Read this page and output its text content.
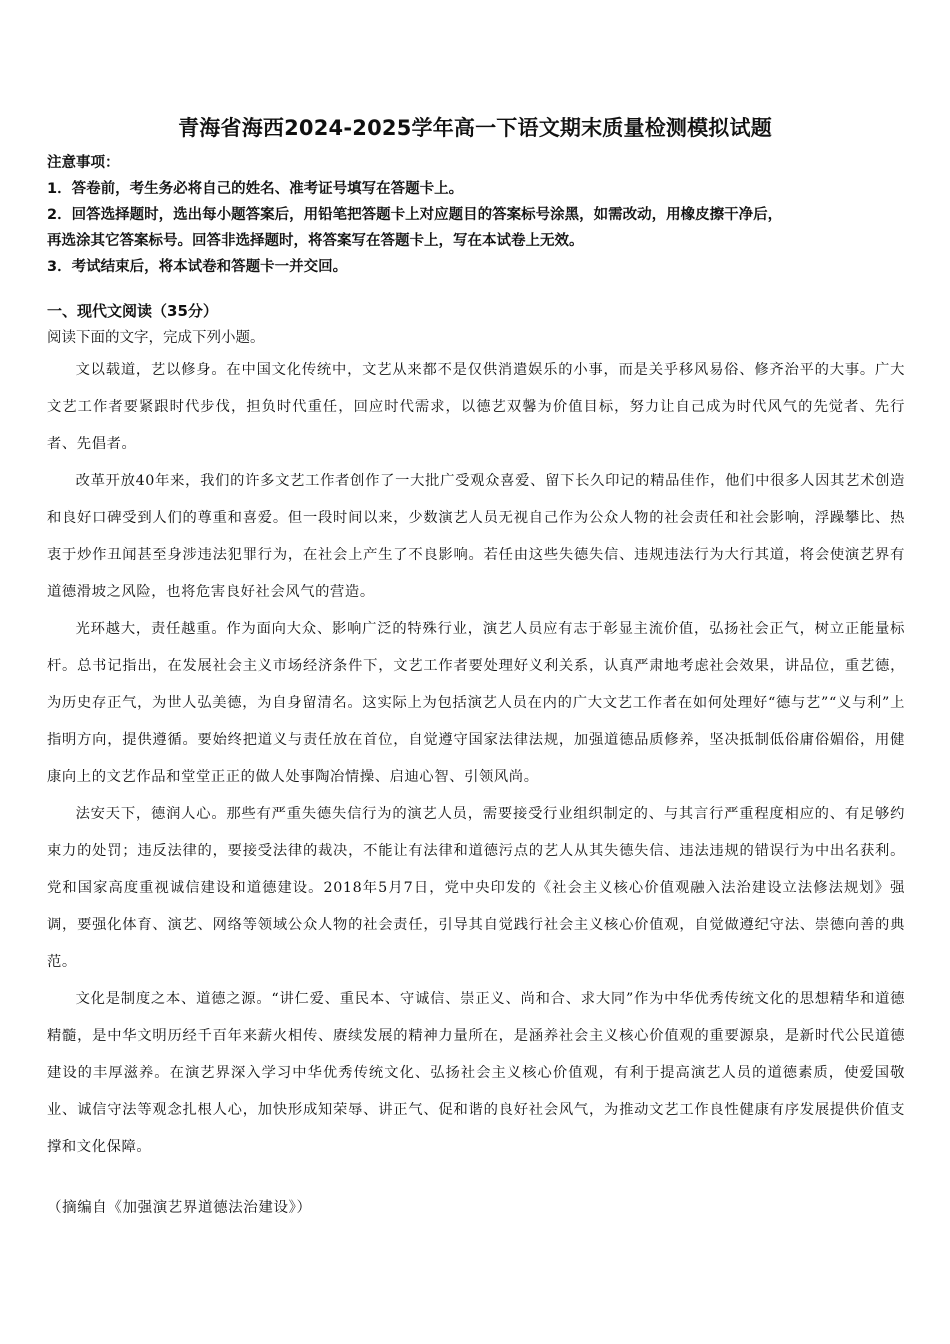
青海省海西2024-2025学年高一下语文期末质量检测模拟试题
注意事项：
1．答卷前，考生务必将自己的姓名、准考证号填写在答题卡上。
2．回答选择题时，选出每小题答案后，用铅笔把答题卡上对应题目的答案标号涂黑，如需改动，用橡皮擦干净后，
再选涂其它答案标号。回答非选择题时，将答案写在答题卡上，写在本试卷上无效。
3．考试结束后，将本试卷和答题卡一并交回。
一、现代文阅读（35分）
阅读下面的文字，完成下列小题。

文以载道，艺以修身。在中国文化传统中，文艺从来都不是仅供消遣娱乐的小事，而是关乎移风易俗、修齐治平的大事。广大文艺工作者要紧跟时代步伐，担负时代重任，回应时代需求，以德艺双馨为价值目标，努力让自己成为时代风气的先觉者、先行者、先倡者。

改革开放40年来，我们的许多文艺工作者创作了一大批广受观众喜爱、留下长久印记的精品佳作，他们中很多人因其艺术创造和良好口碑受到人们的尊重和喜爱。但一段时间以来，少数演艺人员无视自己作为公众人物的社会责任和社会影响，浮躁攀比、热衷于炒作丑闻甚至身涉违法犯罪行为，在社会上产生了不良影响。若任由这些失德失信、违规违法行为大行其道，将会使演艺界有道德滑坡之风险，也将危害良好社会风气的营造。

光环越大，责任越重。作为面向大众、影响广泛的特殊行业，演艺人员应有志于彰显主流价值，弘扬社会正气，树立正能量标杆。总书记指出，在发展社会主义市场经济条件下，文艺工作者要处理好义利关系，认真严肃地考虑社会效果，讲品位，重艺德，为历史存正气，为世人弘美德，为自身留清名。这实际上为包括演艺人员在内的广大文艺工作者在如何处理好“德与艺”“义与利”上指明方向，提供遵循。要始终把道义与责任放在首位，自觉遵守国家法律法规，加强道德品质修养，坚决抵制低俗庸俗媚俗，用健康向上的文艺作品和堂堂正正的做人处事陶冶情操、启迪心智、引领风尚。

法安天下，德润人心。那些有严重失德失信行为的演艺人员，需要接受行业组织制定的、与其言行严重程度相应的、有足够约束力的处罚；违反法律的，要接受法律的裁决，不能让有法律和道德污点的艺人从其失德失信、违法违规的错误行为中出名获利。党和国家高度重视诚信建设和道德建设。2018年5月7日，党中央印发的《社会主义核心价值观融入法治建设立法修法规划》强调，要强化体育、演艺、网络等领域公众人物的社会责任，引导其自觉践行社会主义核心价值观，自觉做遵纪守法、崇德向善的典范。

文化是制度之本、道德之源。“讲仁爱、重民本、守诚信、崇正义、尚和合、求大同”作为中华优秀传统文化的思想精华和道德精髓，是中华文明历经千百年来薪火相传、赓续发展的精神力量所在，是涵养社会主义核心价值观的重要源泉，是新时代公民道德建设的丰厚滋养。在演艺界深入学习中华优秀传统文化、弘扬社会主义核心价值观，有利于提高演艺人员的道德素质，使爱国敬业、诚信守法等观念扎根人心，加快形成知荣辱、讲正气、促和谐的良好社会风气，为推动文艺工作良性健康有序发展提供价值支撑和文化保障。

（摘编自《加强演艺界道德法治建设》）
